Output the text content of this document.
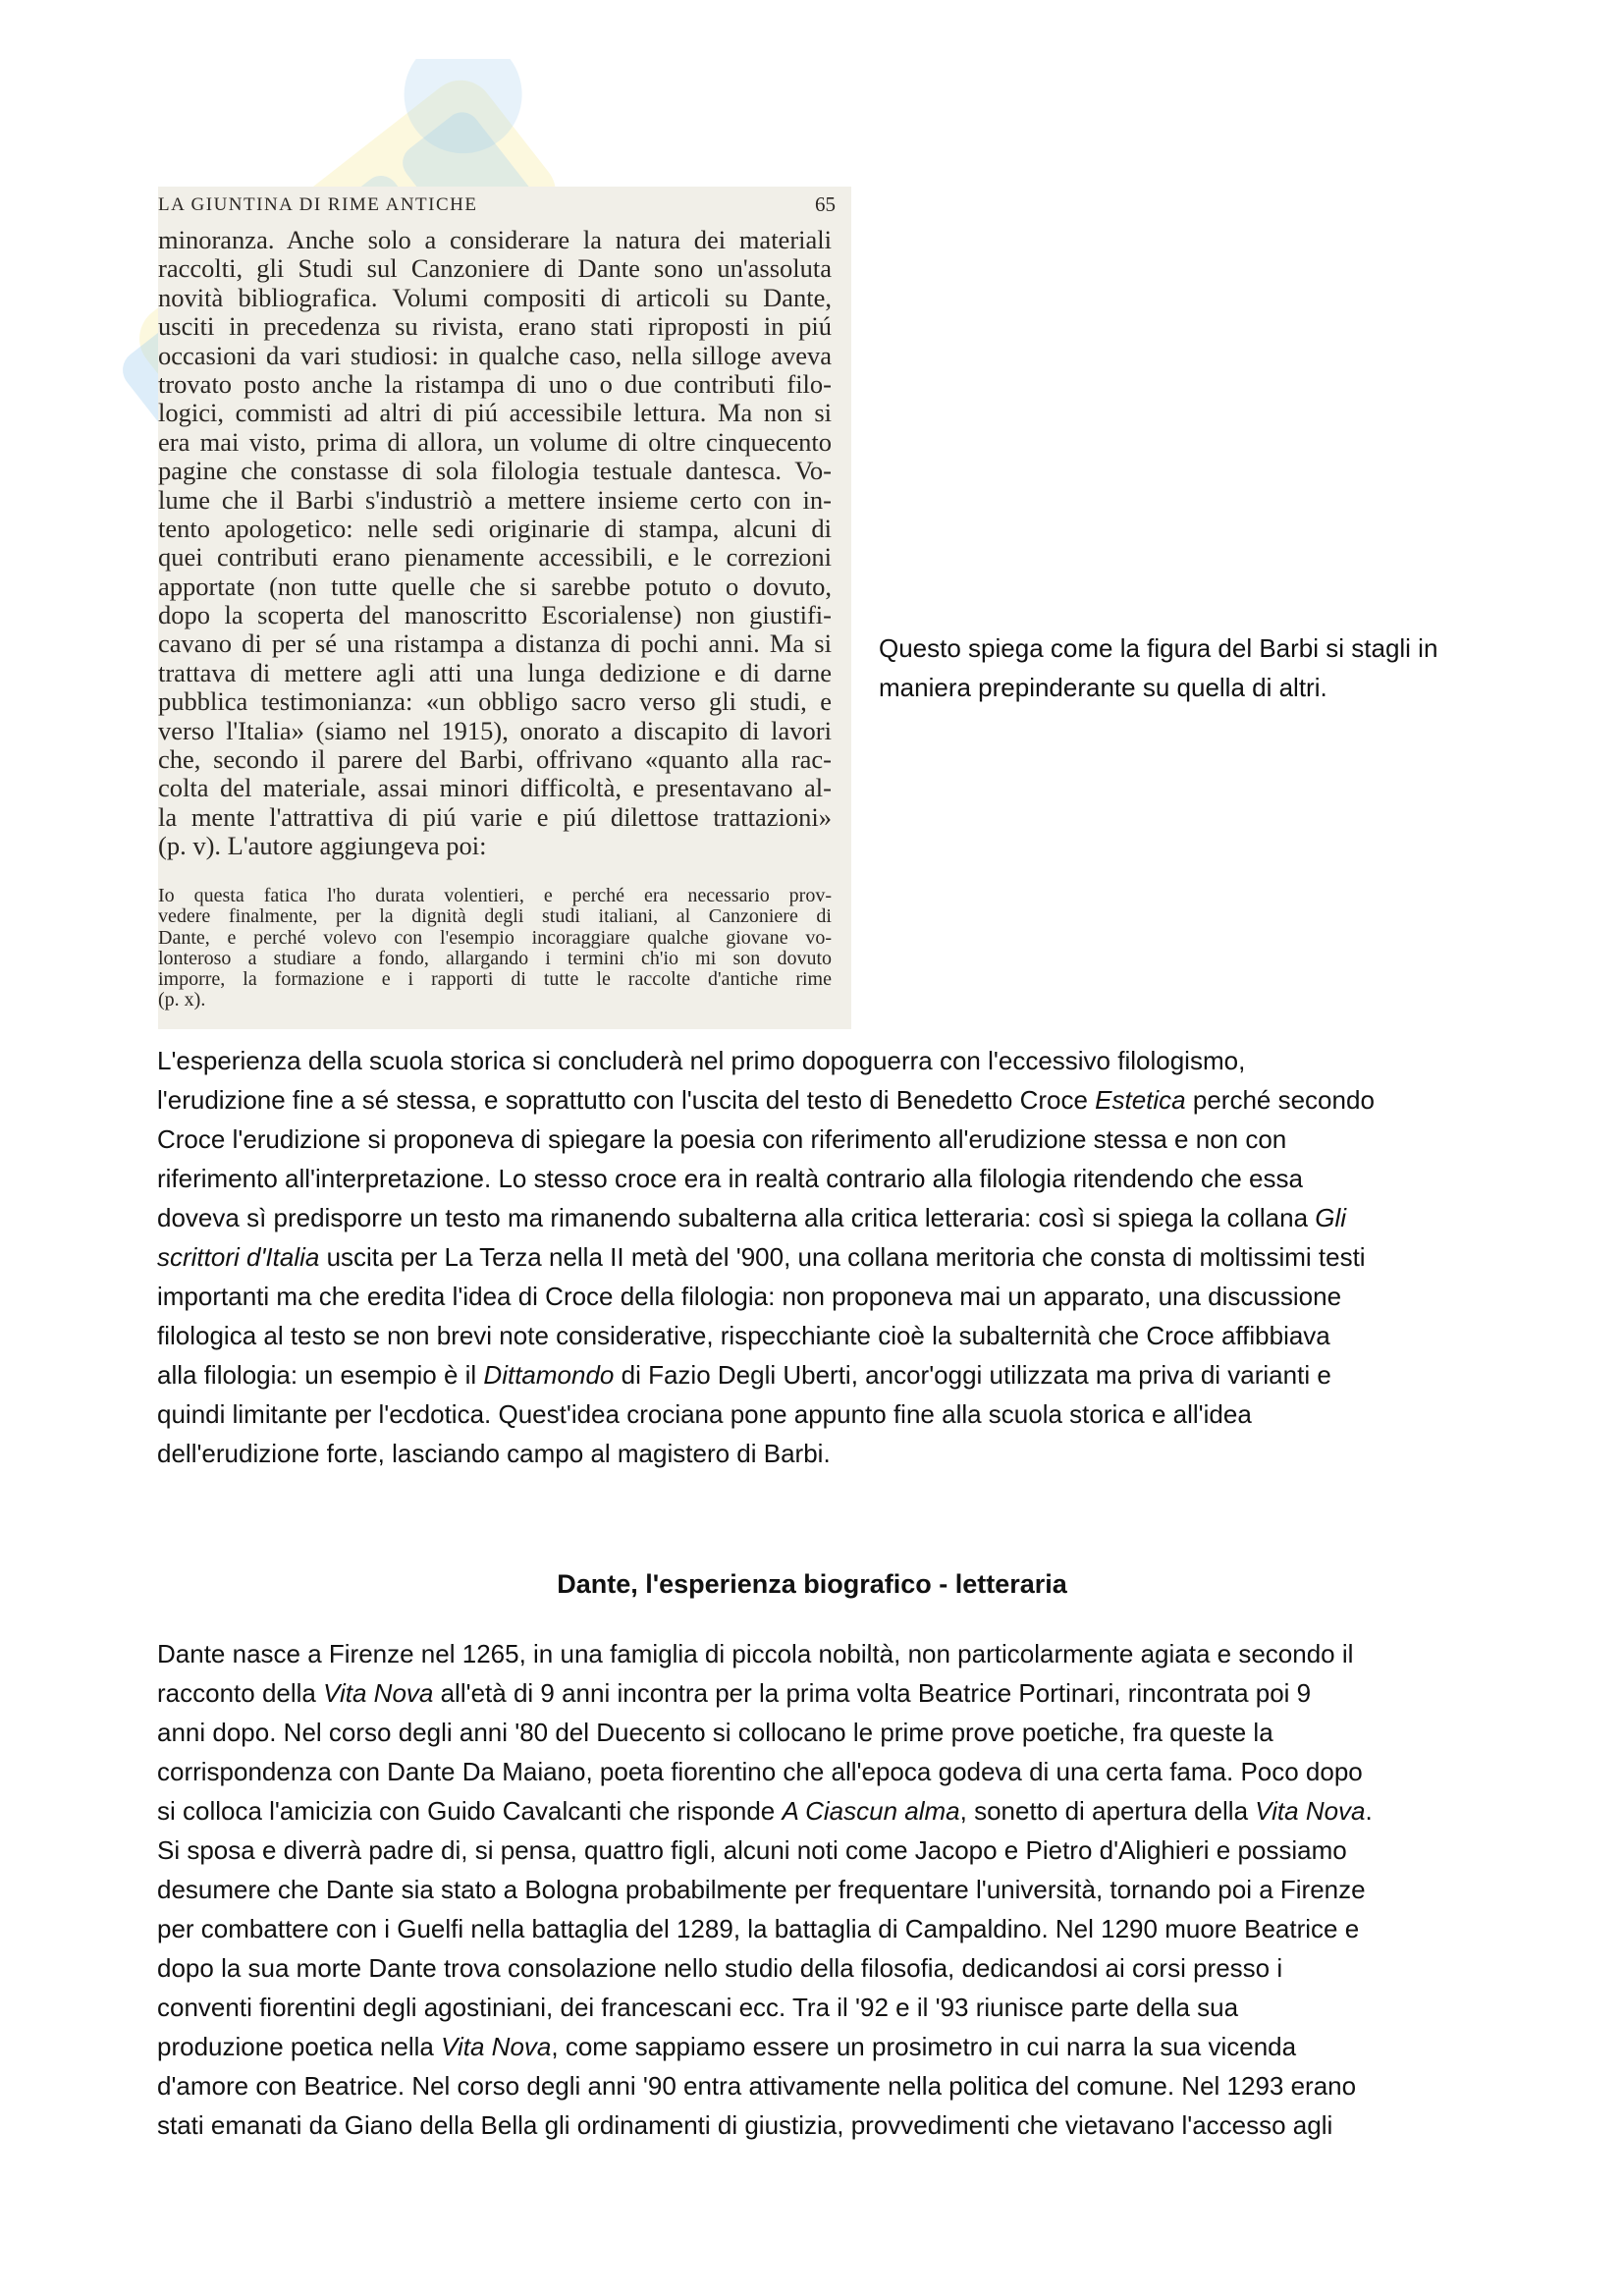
LA GIUNTINA DI RIME ANTICHE	65
minoranza. Anche solo a considerare la natura dei materiali
raccolti, gli Studi sul Canzoniere di Dante sono un'assoluta
novità bibliografica. Volumi compositi di articoli su Dante,
usciti in precedenza su rivista, erano stati riproposti in piú
occasioni da vari studiosi: in qualche caso, nella silloge aveva
trovato posto anche la ristampa di uno o due contributi filo-
logici, commisti ad altri di piú accessibile lettura. Ma non si
era mai visto, prima di allora, un volume di oltre cinquecento
pagine che constasse di sola filologia testuale dantesca. Vo-
lume che il Barbi s'industriò a mettere insieme certo con in-
tento apologetico: nelle sedi originarie di stampa, alcuni di
quei contributi erano pienamente accessibili, e le correzioni
apportate (non tutte quelle che si sarebbe potuto o dovuto,
dopo la scoperta del manoscritto Escorialense) non giustifi-
cavano di per sé una ristampa a distanza di pochi anni. Ma si
trattava di mettere agli atti una lunga dedizione e di darne
pubblica testimonianza: «un obbligo sacro verso gli studi, e
verso l'Italia» (siamo nel 1915), onorato a discapito di lavori
che, secondo il parere del Barbi, offrivano «quanto alla rac-
colta del materiale, assai minori difficoltà, e presentavano al-
la mente l'attrattiva di piú varie e piú dilettose trattazioni»
(p. v). L'autore aggiungeva poi:
Io questa fatica l'ho durata volentieri, e perché era necessario prov-
vedere finalmente, per la dignità degli studi italiani, al Canzoniere di
Dante, e perché volevo con l'esempio incoraggiare qualche giovane vo-
lonteroso a studiare a fondo, allargando i termini ch'io mi son dovuto
imporre, la formazione e i rapporti di tutte le raccolte d'antiche rime
(p. x).
Questo spiega come la figura del Barbi si stagli in
maniera prepinderante su quella di altri.
L'esperienza della scuola storica si concluderà nel primo dopoguerra con l'eccessivo filologismo,
l'erudizione fine a sé stessa, e soprattutto con l'uscita del testo di Benedetto Croce Estetica perché secondo
Croce l'erudizione si proponeva di spiegare la poesia con riferimento all'erudizione stessa e non con
riferimento all'interpretazione. Lo stesso croce era in realtà contrario alla filologia ritendendo che essa
doveva sì predisporre un testo ma rimanendo subalterna alla critica letteraria: così si spiega la collana Gli
scrittori d'Italia uscita per La Terza nella II metà del '900, una collana meritoria che consta di moltissimi testi
importanti ma che eredita l'idea di Croce della filologia: non proponeva mai un apparato, una discussione
filologica al testo se non brevi note considerative, rispecchiante cioè la subalternità che Croce affibbiava
alla filologia: un esempio è il Dittamondo di Fazio Degli Uberti, ancor'oggi utilizzata ma priva di varianti e
quindi limitante per l'ecdotica. Quest'idea crociana pone appunto fine alla scuola storica e all'idea
dell'erudizione forte, lasciando campo al magistero di Barbi.
Dante, l'esperienza biografico - letteraria
Dante nasce a Firenze nel 1265, in una famiglia di piccola nobiltà, non particolarmente agiata e secondo il
racconto della Vita Nova all'età di 9 anni incontra per la prima volta Beatrice Portinari, rincontrata poi 9
anni dopo. Nel corso degli anni '80 del Duecento si collocano le prime prove poetiche, fra queste la
corrispondenza con Dante Da Maiano, poeta fiorentino che all'epoca godeva di una certa fama. Poco dopo
si colloca l'amicizia con Guido Cavalcanti che risponde A Ciascun alma, sonetto di apertura della Vita Nova.
Si sposa e diverrà padre di, si pensa, quattro figli, alcuni noti come Jacopo e Pietro d'Alighieri e possiamo
desumere che Dante sia stato a Bologna probabilmente per frequentare l'università, tornando poi a Firenze
per combattere con i Guelfi nella battaglia del 1289, la battaglia di Campaldino. Nel 1290 muore Beatrice e
dopo la sua morte Dante trova consolazione nello studio della filosofia, dedicandosi ai corsi presso i
conventi fiorentini degli agostiniani, dei francescani ecc. Tra il '92 e il '93 riunisce parte della sua
produzione poetica nella Vita Nova, come sappiamo essere un prosimetro in cui narra la sua vicenda
d'amore con Beatrice. Nel corso degli anni '90 entra attivamente nella politica del comune. Nel 1293 erano
stati emanati da Giano della Bella gli ordinamenti di giustizia, provvedimenti che vietavano l'accesso agli
